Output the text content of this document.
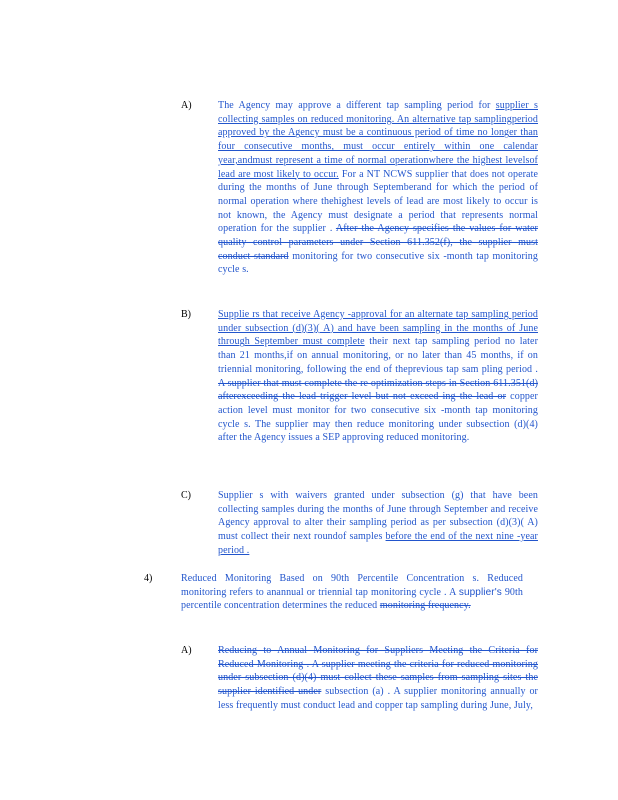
A)	The Agency may approve a different tap sampling period for supplier s collecting samples on reduced monitoring. An alternative tap samplingperiod approved by the Agency must be a continuous period of time no longer than four consecutive months, must occur entirely within one calendar year,andmust represent a time of normal operationwhere the highest levelsof lead are most likely to occur. For a NT NCWS supplier that does not operate during the months of June through Septemberand for which the period of normal operation where thehighest levels of lead are most likely to occur is not known, the Agency must designate a period that represents normal operation for the supplier . After the Agency specifies the values for water quality control parameters under Section 611.352(f), the supplier must conduct standard monitoring for two consecutive six -month tap monitoring cycle s.
B)	Supplie rs that receive Agency -approval for an alternate tap sampling period under subsection (d)(3)( A) and have been sampling in the months of June through September must complete their next tap sampling period no later than 21 months,if on annual monitoring, or no later than 45 months, if on triennial monitoring, following the end of theprevious tap sam pling period . A supplier that must complete the re optimization steps in Section 611.351(d) afterexceeding the lead trigger level but not exceed ing the lead or copper action level must monitor for two consecutive six -month tap monitoring cycle s. The supplier may then reduce monitoring under subsection (d)(4) after the Agency issues a SEP approving reduced monitoring.
C)	Supplier s with waivers granted under subsection (g) that have been collecting samples during the months of June through September and receive Agency approval to alter their sampling period as per subsection (d)(3)( A) must collect their next roundof samples before the end of the next nine -year period .
4)	Reduced Monitoring Based on 90th Percentile Concentration s. Reduced monitoring refers to anannual or triennial tap monitoring cycle . A supplier's 90th percentile concentration determines the reduced monitoring frequency.
A)	Reducing to Annual Monitoring for Suppliers Meeting the Criteria for Reduced Monitoring . A supplier meeting the criteria for reduced monitoring under subsection (d)(4) must collect these samples from sampling sites the supplier identified under subsection (a) . A supplier monitoring annually or less frequently must conduct lead and copper tap sampling during June, July,
